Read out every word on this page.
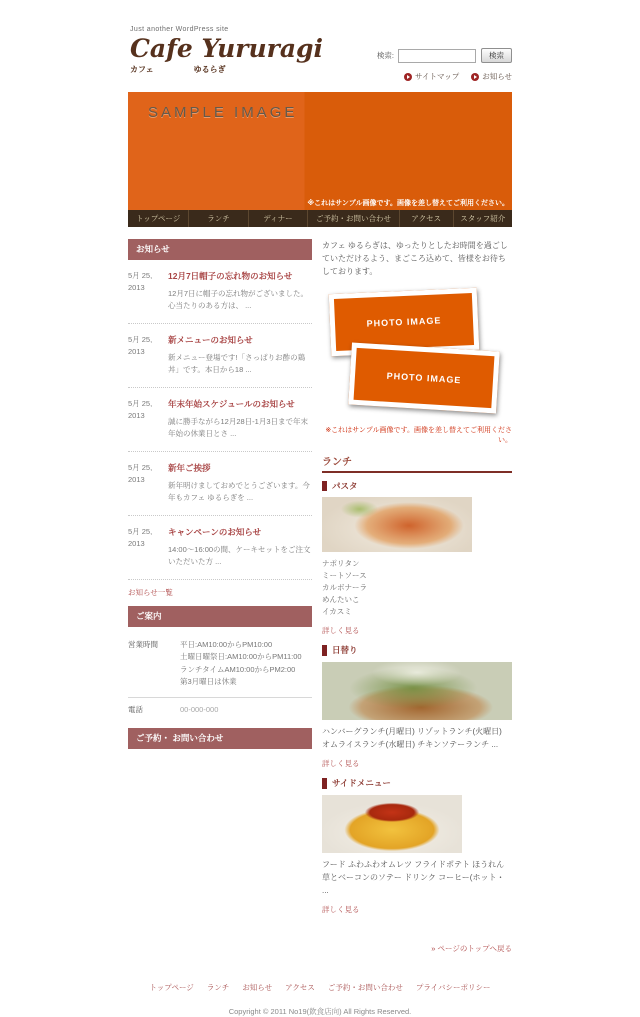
Just another WordPress site
Cafe Yururagi
カフェ	ゆるらぎ
検索:	検索
サイトマップ	お知らせ
SAMPLE IMAGE
※これはサンプル画像です。画像を差し替えてご利用ください。
トップページ	ランチ	ディナー	ご予約・お問い合わせ	アクセス	スタッフ紹介
お知らせ
5月 25,
2013
12月7日帽子の忘れ物のお知らせ

12月7日に帽子の忘れ物がございました。心当たりのある方は、 ...

5月 25,
2013
新メニューのお知らせ

新メニュー登場です!「さっぱりお酢の鶏丼」です。本日から18 ...

5月 25,
2013
年末年始スケジュールのお知らせ

誠に勝手ながら12月28日-1月3日まで年末年始の休業日とさ ...

5月 25,
2013
新年ご挨拶

新年明けましておめでとうございます。今年もカフェ ゆるらぎを ...

5月 25,
2013
キャンペーンのお知らせ

14:00～16:00の間、ケーキセットをご注文いただいた方 ...

お知らせ一覧
ご案内
営業時間	平日:AM10:00からPM10:00
土曜日曜祭日:AM10:00からPM11:00
ランチタイムAM10:00からPM2:00
第3月曜日は休業
電話	00-000-000
ご予約・ お問い合わせ

カフェ ゆるらぎは、ゆったりとしたお時間を過ごしていただけるよう、まごころ込めて、皆様をお待ちしております。

PHOTO IMAGE
PHOTO IMAGE
※これはサンプル画像です。画像を差し替えてご利用ください。
ランチ
パスタ
ナポリタン
ミートソース
カルボナーラ
めんたいこ
イカスミ
詳しく見る
日替り

ハンバーグランチ(月曜日) リゾットランチ(火曜日) オムライスランチ(水曜日) チキンソテーランチ ...

詳しく見る
サイドメニュー

フード ふわふわオムレツ フライドポテト ほうれん草とベーコンのソテー ドリンク コーヒー(ホット・ ...

詳しく見る
» ページのトップへ戻る
トップページ ランチ お知らせ アクセス ご予約・お問い合わせ プライバシーポリシー
Copyright © 2011 No19(飲食店向) All Rights Reserved.
